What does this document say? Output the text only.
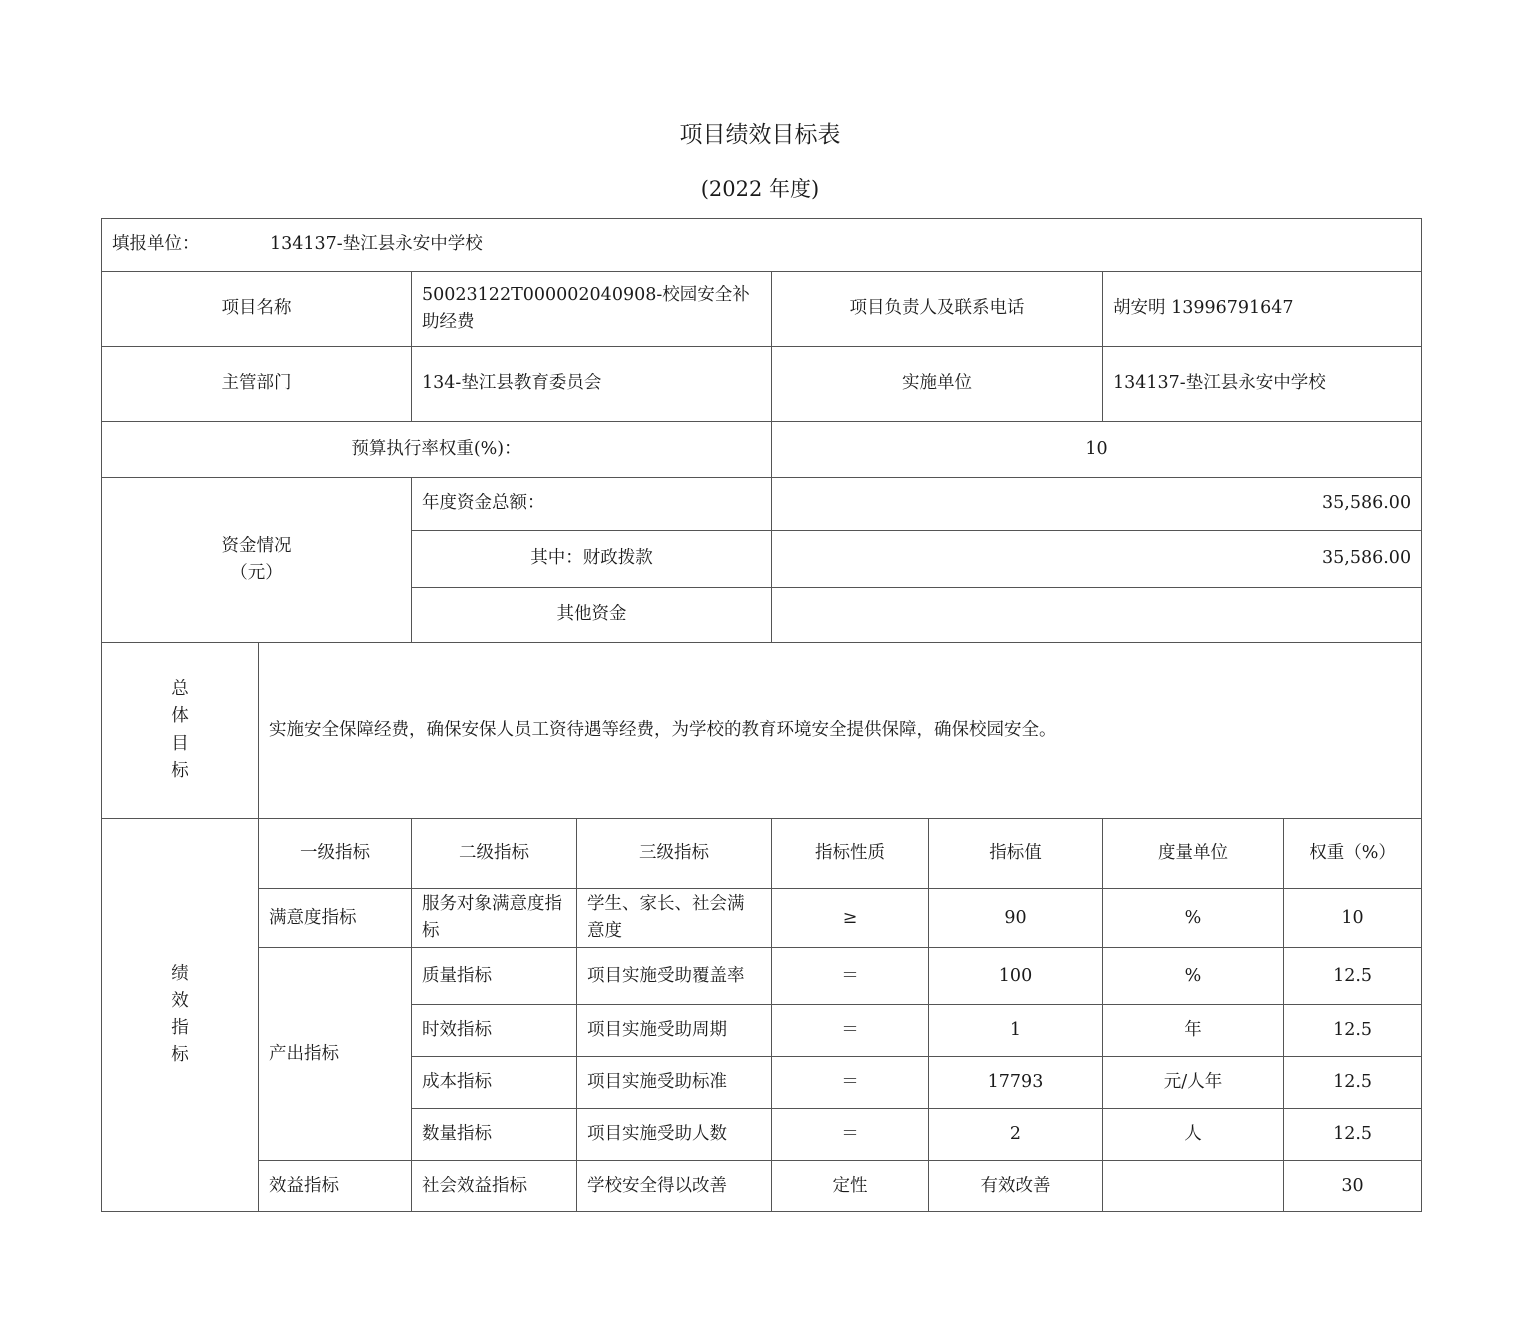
项目绩效目标表
(2022 年度)
填报单位： 134137-垫江县永安中学校							
项目名称		50023122T000002040908-校园安全补助经费		项目负责人及联系电话		胡安明 13996791647	
主管部门		134-垫江县教育委员会		实施单位		134137-垫江县永安中学校	
预算执行率权重(%)：				10			

资金情况
（元）		年度资金总额：		35,586.00			
		其中：财政拨款		35,586.00			
		其他资金					

总
体
目
标	实施安全保障经费，确保安保人员工资待遇等经费，为学校的教育环境安全提供保障，确保校园安全。						

绩
效
指
标	一级指标	二级指标	三级指标	指标性质	指标值	度量单位	权重（%）
	满意度指标	服务对象满意度指标	学生、家长、社会满意度	≥	90	%	10
	产出指标	质量指标	项目实施受助覆盖率	＝	100	%	12.5
		时效指标	项目实施受助周期	＝	1	年	12.5
		成本指标	项目实施受助标准	＝	17793	元/人年	12.5
		数量指标	项目实施受助人数	＝	2	人	12.5
	效益指标	社会效益指标	学校安全得以改善	定性	有效改善		30
